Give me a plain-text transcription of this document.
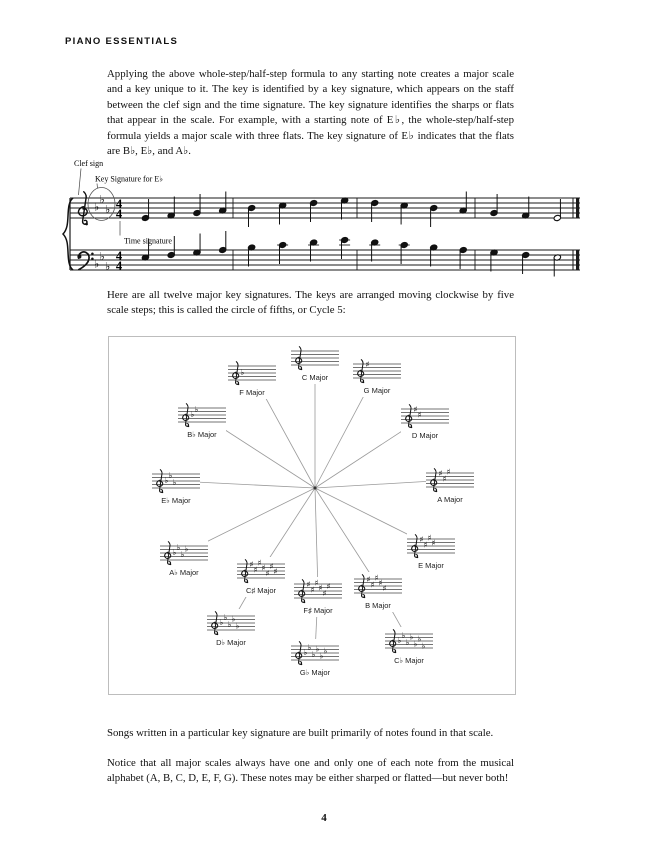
PIANO ESSENTIALS

Applying the above whole-step/half-step formula to any starting note creates a major scale and a key unique to it. The key is identified by a key signature, which appears on the staff between the clef sign and the time signature. The key signature identifies the sharps or flats that appear in the scale. For example, with a starting note of E♭, the whole-step/half-step formula yields a major scale with three flats. The key signature of E♭ indicates that the flats are B♭, E♭, and A♭.

♭
♭
♭
♭
♭
♭
4
4
4
4
Clef sign
Key Signature for E♭
Time signature

Here are all twelve major key signatures. The keys are arranged moving clockwise by five scale steps; this is called the circle of fifths, or Cycle 5:

C Major
♯
G Major
♯
♯
D Major
♯
♯
♯
A Major
♯
♯
♯
♯
E Major
♯
♯
♯
♯
♯
B Major
♯
♯
♯
♯
♯
♯
F♯ Major
♯
♯
♯
♯
♯
♯
♯
C♯ Major
♭
♭
♭
♭
A♭ Major
♭
♭
♭
E♭ Major
♭
♭
B♭ Major
♭
F Major
♭
♭
♭
♭
♭
D♭ Major
♭
♭
♭
♭
♭
♭
G♭ Major
♭
♭
♭
♭
♭
♭
♭
C♭ Major

Songs written in a particular key signature are built primarily of notes found in that scale.

Notice that all major scales always have one and only one of each note from the musical alphabet (A, B, C, D, E, F, G). These notes may be either sharped or flatted—but never both!

4
